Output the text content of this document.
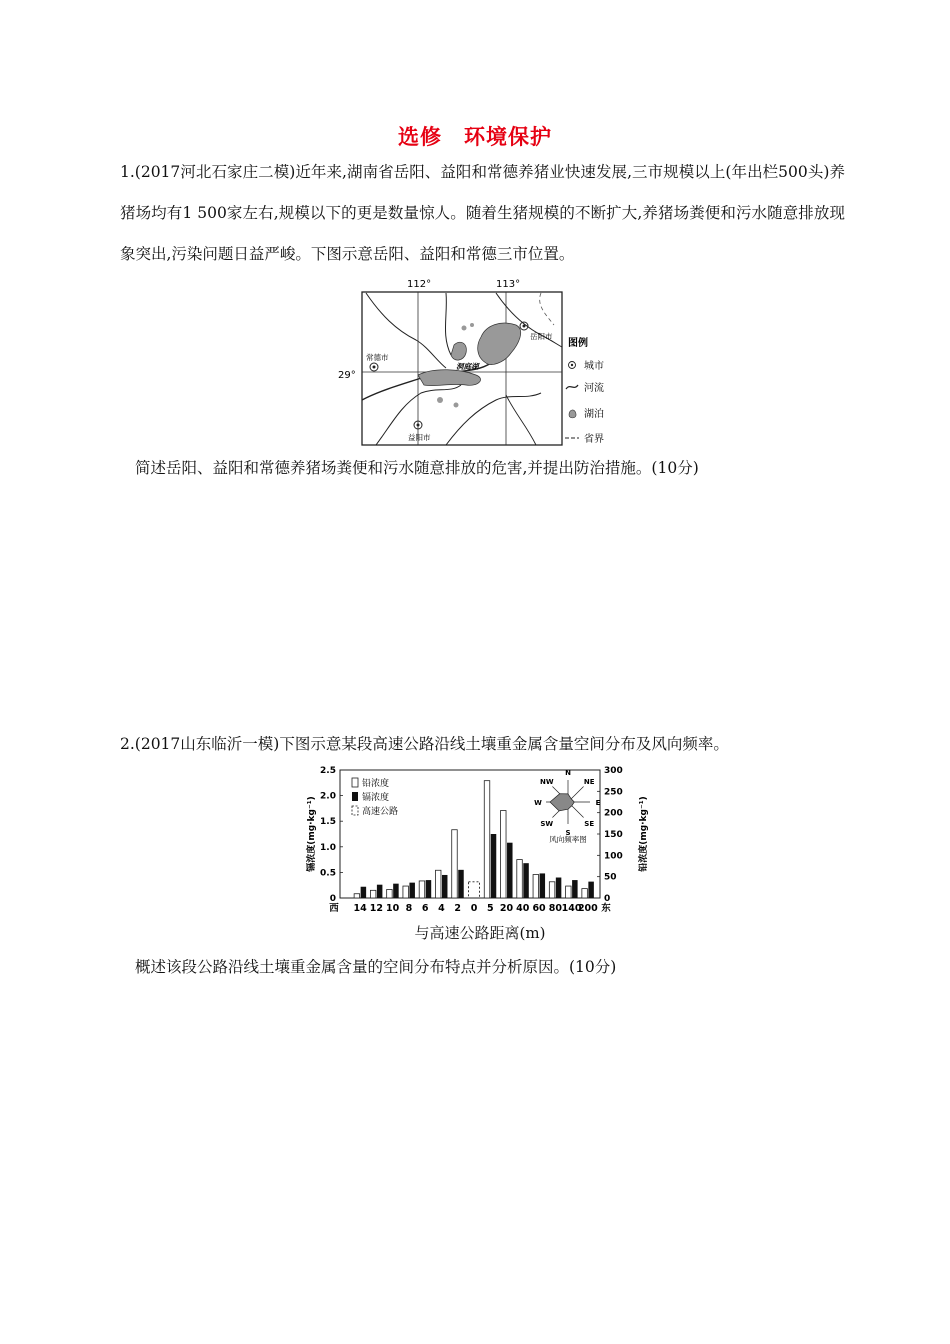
选修　环境保护
1.(2017河北石家庄二模)近年来,湖南省岳阳、益阳和常德养猪业快速发展,三市规模以上(年出栏500头)养猪场均有1 500家左右,规模以下的更是数量惊人。随着生猪规模的不断扩大,养猪场粪便和污水随意排放现象突出,污染问题日益严峻。下图示意岳阳、益阳和常德三市位置。
112°	113°
29°
常德市
岳阳市
益阳市
洞庭湖
图例
城市
河流
湖泊
省界
简述岳阳、益阳和常德养猪场粪便和污水随意排放的危害,并提出防治措施。(10分)
2.(2017山东临沂一模)下图示意某段高速公路沿线土壤重金属含量空间分布及风向频率。
0
0.5
1.0
1.5
2.0
2.5
0
50
100
150
200
250
300
镉浓度(mg·kg⁻¹)	铅浓度(mg·kg⁻¹)
西	东
14 12 10 8 6 4 2 0 5 20 40 60 80 140
200
铅浓度
镉浓度
高速公路
N
NE
E
SE
S
SW
W
NW
风向频率图
与高速公路距离(m)
概述该段公路沿线土壤重金属含量的空间分布特点并分析原因。(10分)
